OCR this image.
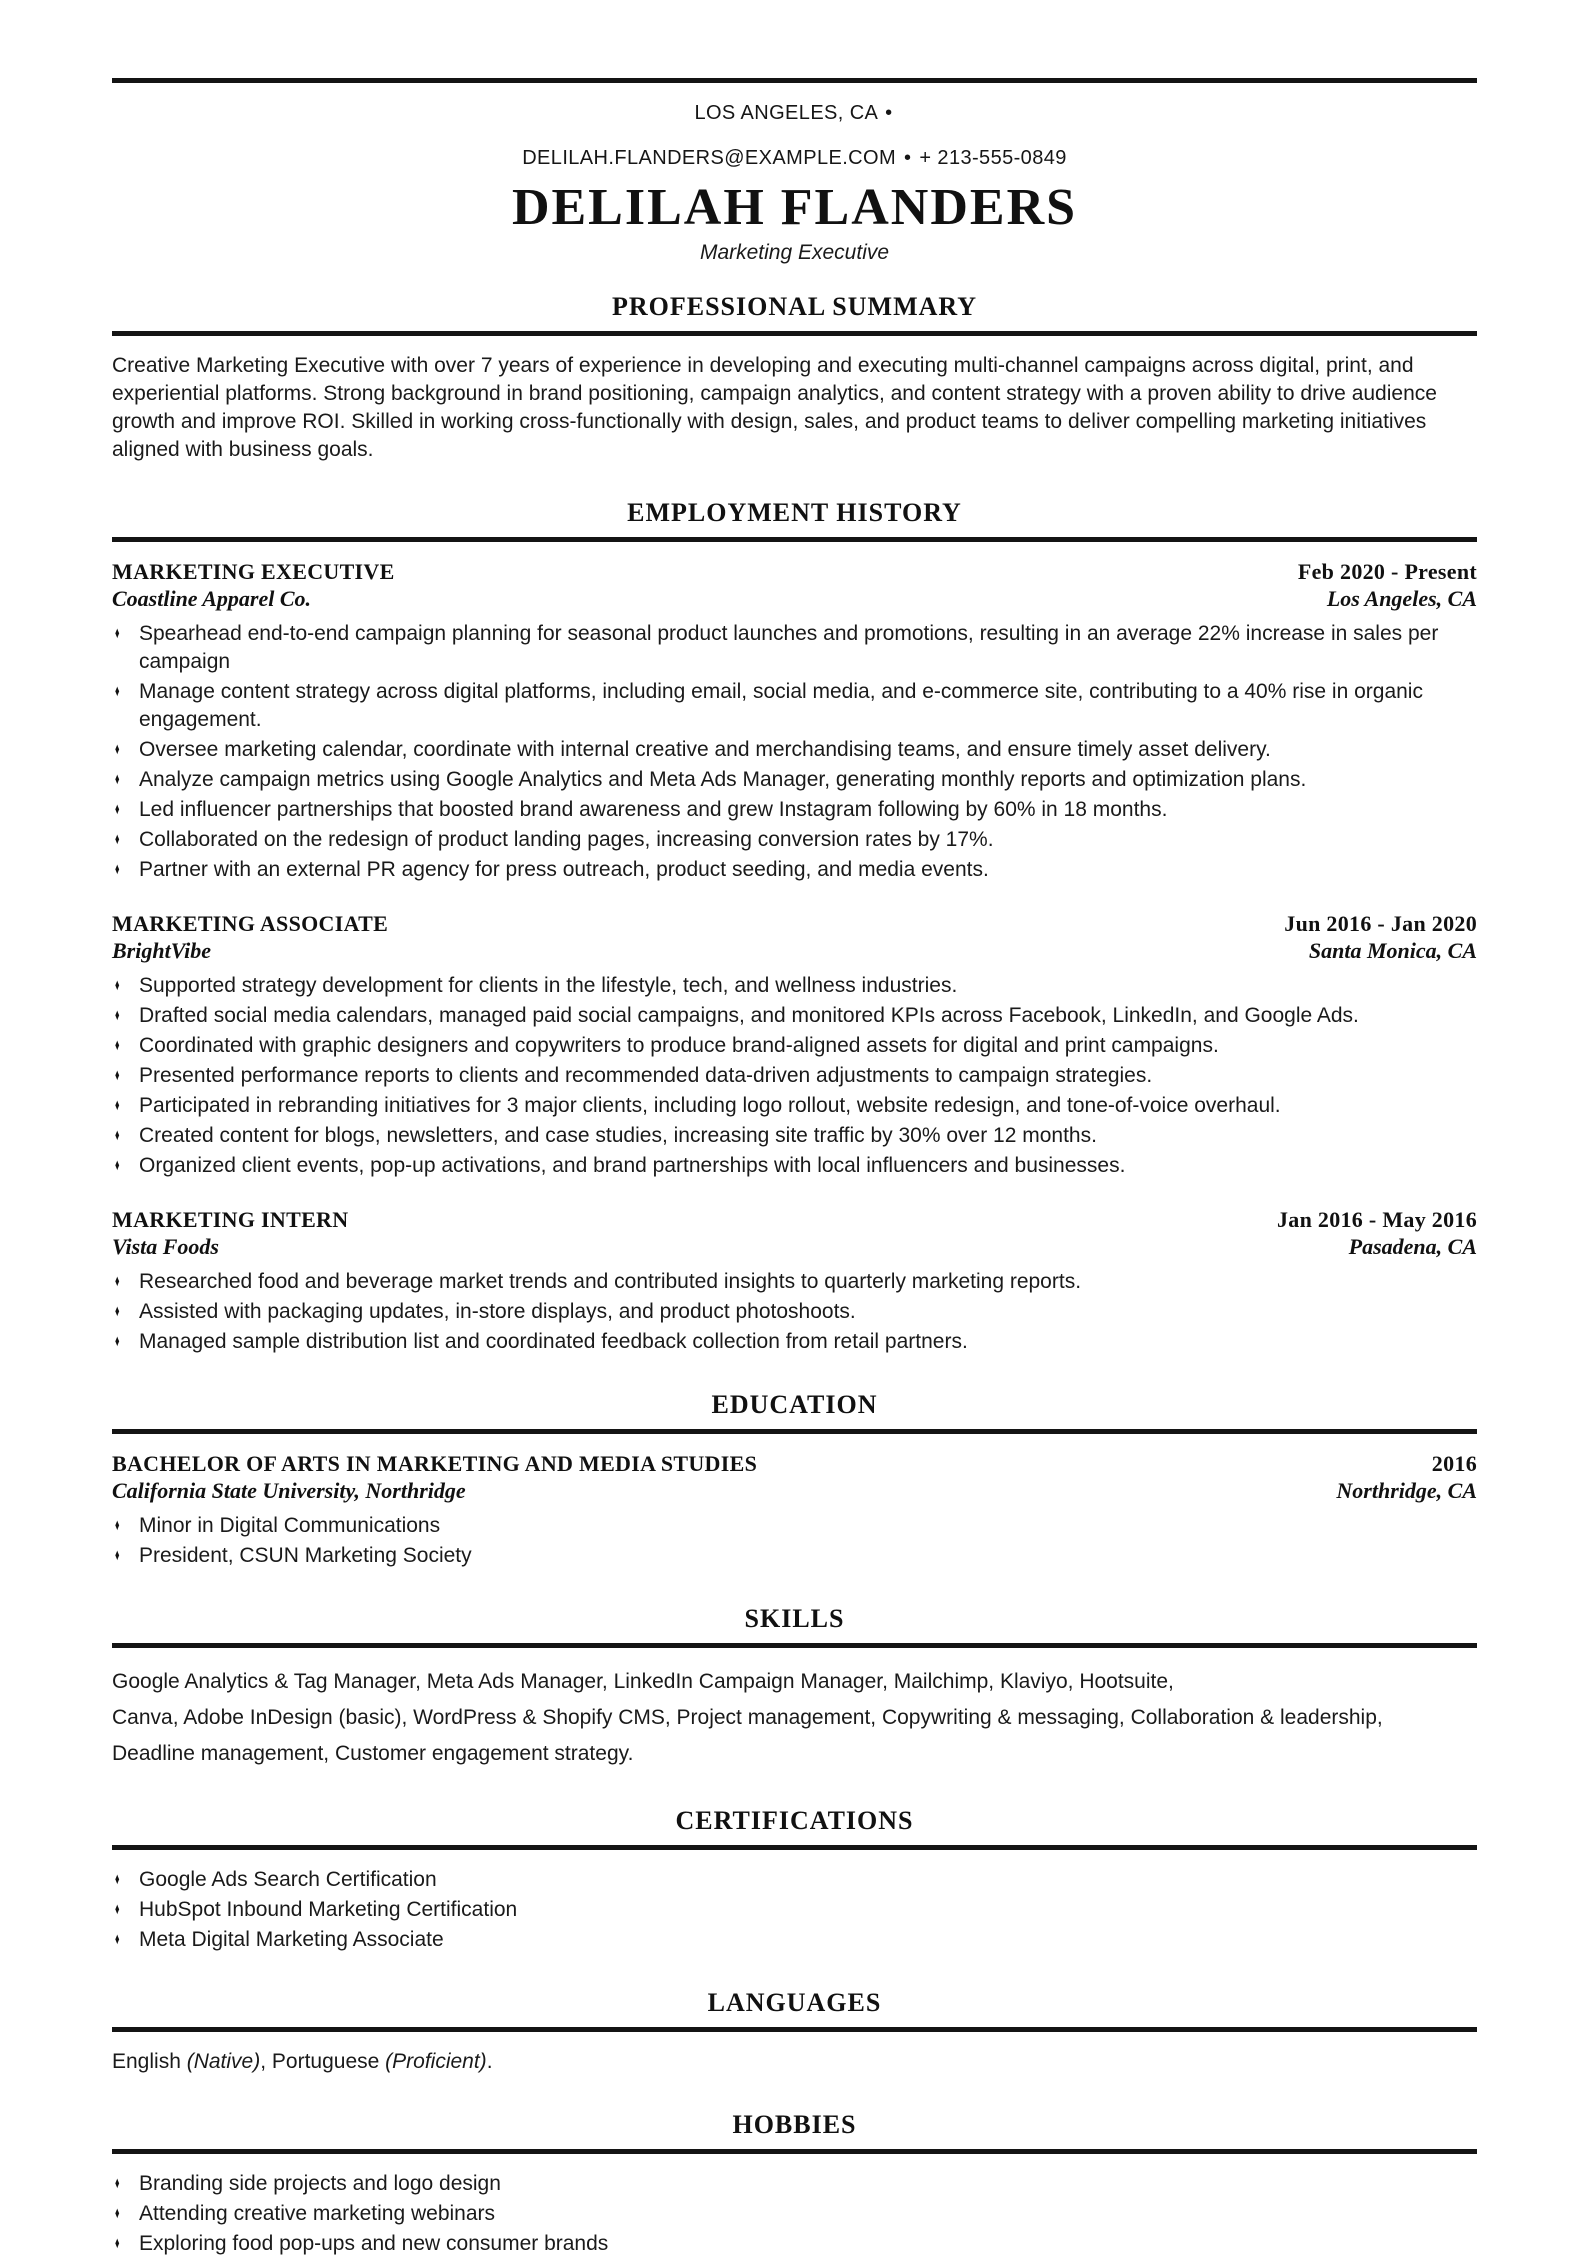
LOS ANGELES, CA •
DELILAH.FLANDERS@EXAMPLE.COM • + 213-555-0849
DELILAH FLANDERS
Marketing Executive
PROFESSIONAL SUMMARY

Creative Marketing Executive with over 7 years of experience in developing and executing multi-channel campaigns across digital, print, and experiential platforms. Strong background in brand positioning, campaign analytics, and content strategy with a proven ability to drive audience growth and improve ROI. Skilled in working cross-functionally with design, sales, and product teams to deliver compelling marketing initiatives aligned with business goals.

EMPLOYMENT HISTORY
MARKETING EXECUTIVE
Coastline Apparel Co.
Feb 2020 - Present
Los Angeles, CA
♦ Spearhead end-to-end campaign planning for seasonal product launches and promotions, resulting in an average 22% increase in sales per campaign
♦ Manage content strategy across digital platforms, including email, social media, and e-commerce site, contributing to a 40% rise in organic engagement.
♦ Oversee marketing calendar, coordinate with internal creative and merchandising teams, and ensure timely asset delivery.
♦ Analyze campaign metrics using Google Analytics and Meta Ads Manager, generating monthly reports and optimization plans.
♦ Led influencer partnerships that boosted brand awareness and grew Instagram following by 60% in 18 months.
♦ Collaborated on the redesign of product landing pages, increasing conversion rates by 17%.
♦ Partner with an external PR agency for press outreach, product seeding, and media events.
MARKETING ASSOCIATE
BrightVibe
Jun 2016 - Jan 2020
Santa Monica, CA
♦ Supported strategy development for clients in the lifestyle, tech, and wellness industries.
♦ Drafted social media calendars, managed paid social campaigns, and monitored KPIs across Facebook, LinkedIn, and Google Ads.
♦ Coordinated with graphic designers and copywriters to produce brand-aligned assets for digital and print campaigns.
♦ Presented performance reports to clients and recommended data-driven adjustments to campaign strategies.
♦ Participated in rebranding initiatives for 3 major clients, including logo rollout, website redesign, and tone-of-voice overhaul.
♦ Created content for blogs, newsletters, and case studies, increasing site traffic by 30% over 12 months.
♦ Organized client events, pop-up activations, and brand partnerships with local influencers and businesses.
MARKETING INTERN
Vista Foods
Jan 2016 - May 2016
Pasadena, CA
♦ Researched food and beverage market trends and contributed insights to quarterly marketing reports.
♦ Assisted with packaging updates, in-store displays, and product photoshoots.
♦ Managed sample distribution list and coordinated feedback collection from retail partners.
EDUCATION
BACHELOR OF ARTS IN MARKETING AND MEDIA STUDIES
California State University, Northridge
2016
Northridge, CA
♦ Minor in Digital Communications
♦ President, CSUN Marketing Society
SKILLS
Google Analytics & Tag Manager, Meta Ads Manager, LinkedIn Campaign Manager, Mailchimp, Klaviyo, Hootsuite,
Canva, Adobe InDesign (basic), WordPress & Shopify CMS, Project management, Copywriting & messaging, Collaboration & leadership,
Deadline management, Customer engagement strategy.
CERTIFICATIONS
♦ Google Ads Search Certification
♦ HubSpot Inbound Marketing Certification
♦ Meta Digital Marketing Associate
LANGUAGES

English (Native), Portuguese (Proficient).

HOBBIES
♦ Branding side projects and logo design
♦ Attending creative marketing webinars
♦ Exploring food pop-ups and new consumer brands
